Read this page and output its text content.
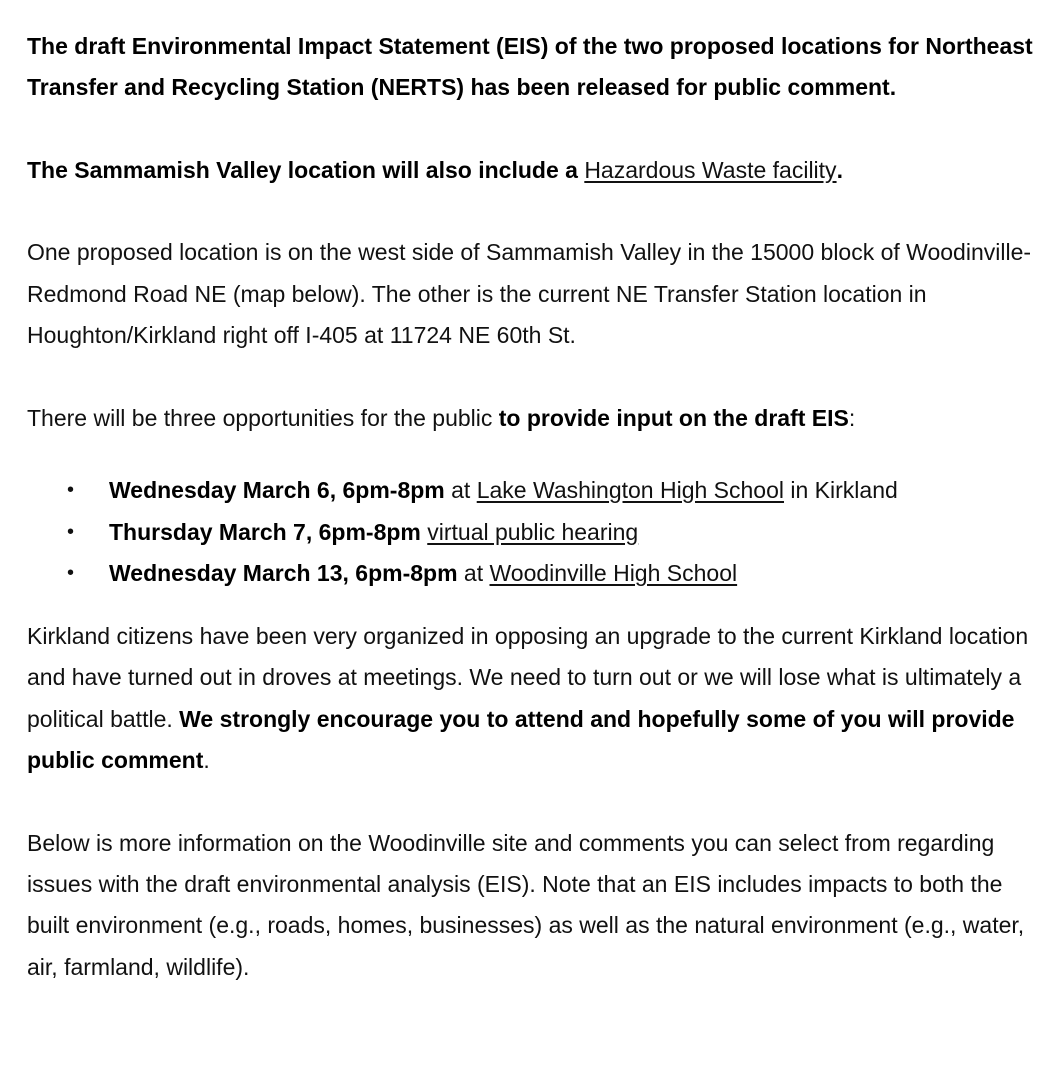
The draft Environmental Impact Statement (EIS) of the two proposed locations for Northeast Transfer and Recycling Station (NERTS) has been released for public comment.

The Sammamish Valley location will also include a Hazardous Waste facility.

One proposed location is on the west side of Sammamish Valley in the 15000 block of Woodinville-Redmond Road NE (map below). The other is the current NE Transfer Station location in Houghton/Kirkland right off I-405 at 11724 NE 60th St.

There will be three opportunities for the public to provide input on the draft EIS:

• Wednesday March 6, 6pm-8pm at Lake Washington High School in Kirkland
• Thursday March 7, 6pm-8pm virtual public hearing
• Wednesday March 13, 6pm-8pm at Woodinville High School

Kirkland citizens have been very organized in opposing an upgrade to the current Kirkland location and have turned out in droves at meetings. We need to turn out or we will lose what is ultimately a political battle. We strongly encourage you to attend and hopefully some of you will provide public comment.

Below is more information on the Woodinville site and comments you can select from regarding issues with the draft environmental analysis (EIS). Note that an EIS includes impacts to both the built environment (e.g., roads, homes, businesses) as well as the natural environment (e.g., water, air, farmland, wildlife).
